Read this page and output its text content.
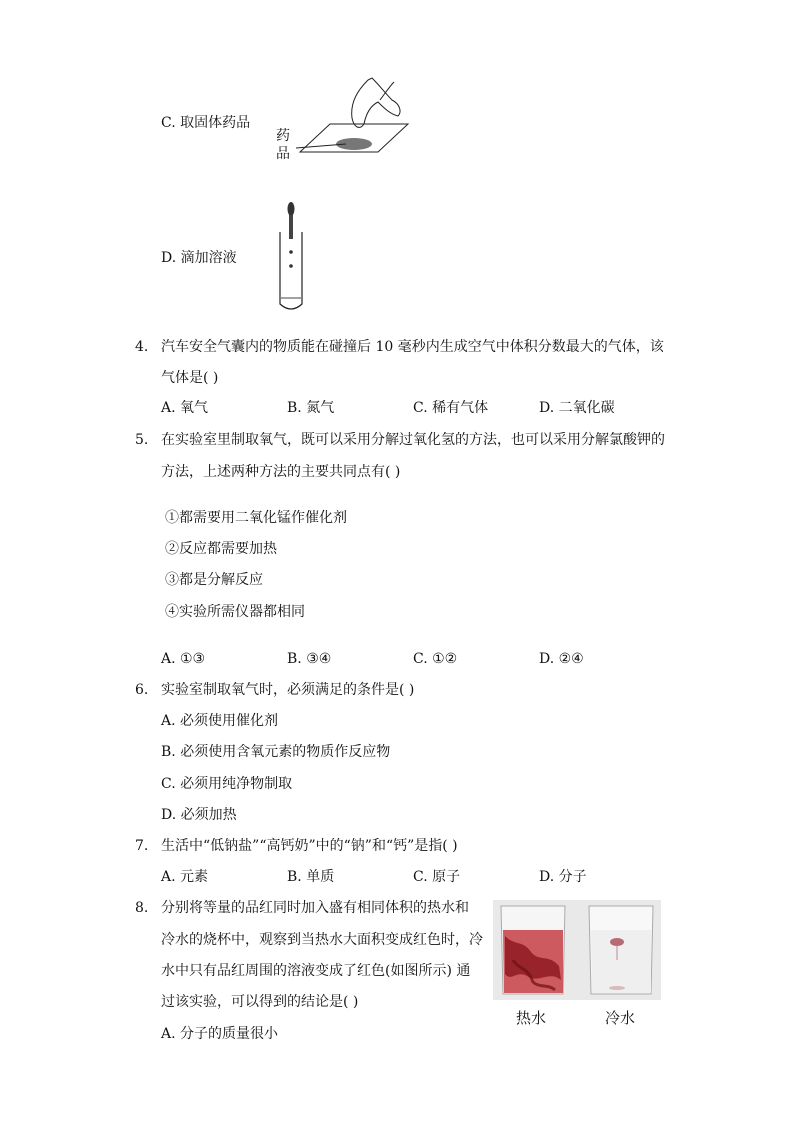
C. 取固体药品
药
品
D. 滴加溶液
4. 汽车安全气囊内的物质能在碰撞后 10 毫秒内生成空气中体积分数最大的气体，该
气体是( )
A. 氧气	B. 氮气	C. 稀有气体	D. 二氧化碳
5. 在实验室里制取氧气，既可以采用分解过氧化氢的方法，也可以采用分解氯酸钾的
方法，上述两种方法的主要共同点有( )
①都需要用二氧化锰作催化剂
②反应都需要加热
③都是分解反应
④实验所需仪器都相同
A. ①③	B. ③④	C. ①②	D. ②④
6. 实验室制取氧气时，必须满足的条件是( )
A. 必须使用催化剂
B. 必须使用含氧元素的物质作反应物
C. 必须用纯净物制取
D. 必须加热
7. 生活中“低钠盐”“高钙奶”中的“钠”和“钙”是指( )
A. 元素	B. 单质	C. 原子	D. 分子
8. 分别将等量的品红同时加入盛有相同体积的热水和
冷水的烧杯中，观察到当热水大面积变成红色时，冷
水中只有品红周围的溶液变成了红色(如图所示) 通
过该实验，可以得到的结论是( )
A. 分子的质量很小
热水	冷水
